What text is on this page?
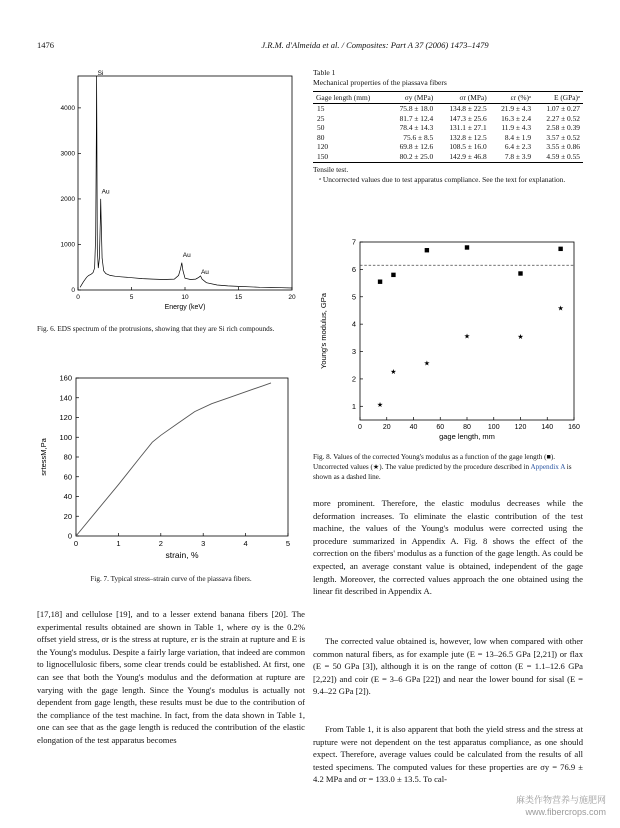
1476	J.R.M. d'Almeida et al. / Composites: Part A 37 (2006) 1473–1479
0	5	10	15	20
0
1000
2000
3000
4000
Energy (keV)
Si
Au
Au
Au
Fig. 6. EDS spectrum of the protrusions, showing that they are Si rich compounds.
0	1	2	3	4	5
0
20
40
60
80
100
120
140
160
strain, %
srtessM,Pa
Fig. 7. Typical stress–strain curve of the piassava fibers.
[17,18] and cellulose [19], and to a lesser extend banana fibers [20]. The experimental results obtained are shown in Table 1, where σy is the 0.2% offset yield stress, σr is the stress at rupture, εr is the strain at rupture and E is the Young's modulus. Despite a fairly large variation, that indeed are common to lignocellulosic fibers, some clear trends could be established. At first, one can see that both the Young's modulus and the deformation at rupture are varying with the gage length. Since the Young's modulus is actually not dependent from gage length, these results must be due to the contribution of the compliance of the test machine. In fact, from the data shown in Table 1, one can see that as the gage length is reduced the contribution of the elastic elongation of the test apparatus becomes
Table 1
Mechanical properties of the piassava fibers
Gage length (mm)	σy (MPa)	σr (MPa)	εr (%)ᵃ	E (GPa)ᵃ
15	75.8 ± 18.0	134.8 ± 22.5	21.9 ± 4.3	1.07 ± 0.27
25	81.7 ± 12.4	147.3 ± 25.6	16.3 ± 2.4	2.27 ± 0.52
50	78.4 ± 14.3	131.1 ± 27.1	11.9 ± 4.3	2.58 ± 0.39
80	75.6 ± 8.5	132.8 ± 12.5	8.4 ± 1.9	3.57 ± 0.52
120	69.8 ± 12.6	108.5 ± 16.0	6.4 ± 2.3	3.55 ± 0.86
150	80.2 ± 25.0	142.9 ± 46.8	7.8 ± 3.9	4.59 ± 0.55
Tensile test.
ᵃ Uncorrected values due to test apparatus compliance. See the text for explanation.
0	20	40	60	80 100 120 140 160
1
2
3
4
5
6
7
gage length, mm
Young's modulus, GPa
★
★
★
★	★
★
Fig. 8. Values of the corrected Young's modulus as a function of the gage length (■). Uncorrected values (★). The value predicted by the procedure described in Appendix A is shown as a dashed line.
more prominent. Therefore, the elastic modulus decreases while the deformation increases. To eliminate the elastic contribution of the test machine, the values of the Young's modulus were corrected using the procedure summarized in Appendix A. Fig. 8 shows the effect of the correction on the fibers' modulus as a function of the gage length. As could be expected, an average constant value is obtained, independent of the gage length. Moreover, the corrected values approach the one obtained using the linear fit described in Appendix A.
The corrected value obtained is, however, low when compared with other common natural fibers, as for example jute (E = 13–26.5 GPa [2,21]) or flax (E = 50 GPa [3]), although it is on the range of cotton (E = 1.1–12.6 GPa [2,22]) and coir (E = 3–6 GPa [22]) and near the lower bound for sisal (E = 9.4–22 GPa [2]).
From Table 1, it is also apparent that both the yield stress and the stress at rupture were not dependent on the test apparatus compliance, as one should expect. Therefore, average values could be calculated from the results of all tested specimens. The computed values for these properties are σy = 76.9 ± 4.2 MPa and σr = 133.0 ± 13.5. To cal-
麻类作物营养与施肥网
www.fibercrops.com
